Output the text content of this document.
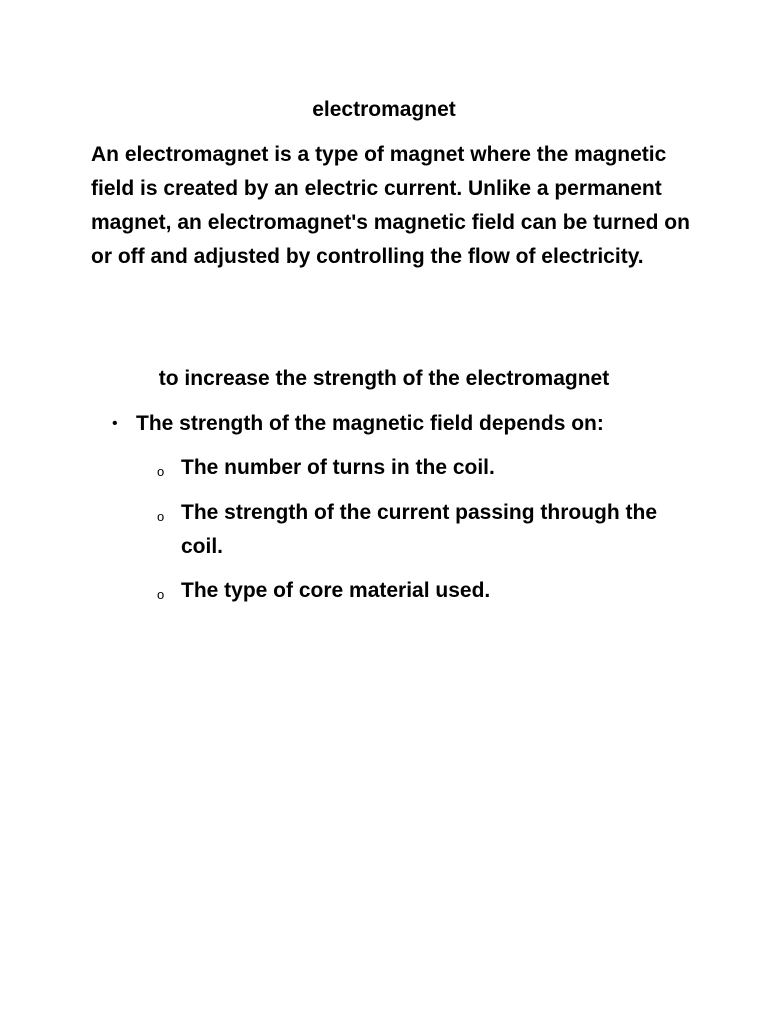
electromagnet

An electromagnet is a type of magnet where the magnetic field is created by an electric current. Unlike a permanent magnet, an electromagnet's magnetic field can be turned on or off and adjusted by controlling the flow of electricity.

to increase the strength of the electromagnet
• The strength of the magnetic field depends on:
o The number of turns in the coil.
o The strength of the current passing through the coil.
o The type of core material used.
